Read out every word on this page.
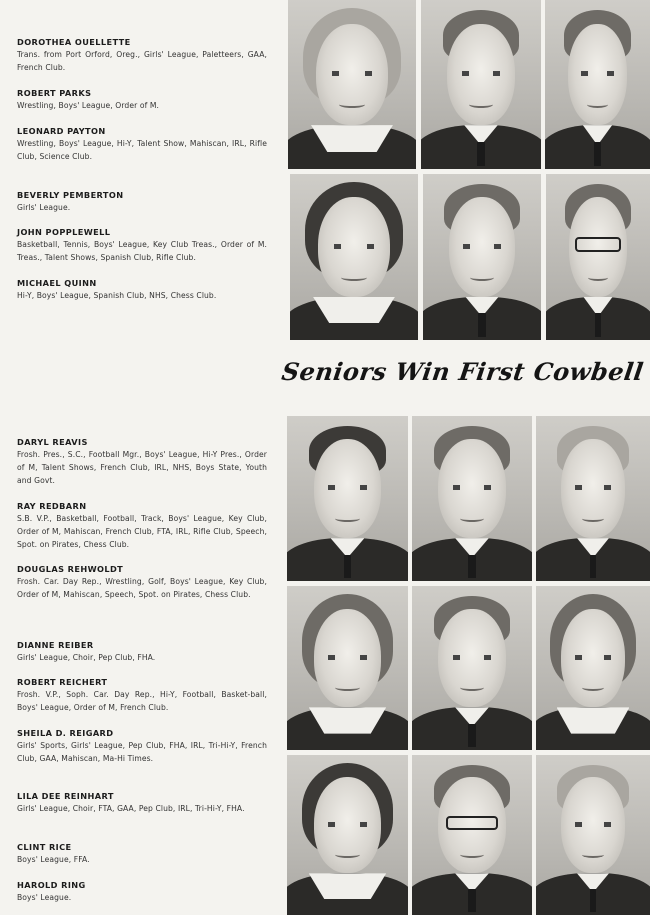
DOROTHEA OUELLETTE
Trans. from Port Orford, Oreg., Girls' League, Paletteers, GAA, French Club.
ROBERT PARKS
Wrestling, Boys' League, Order of M.
LEONARD PAYTON
Wrestling, Boys' League, Hi-Y, Talent Show, Mahiscan, IRL, Rifle Club, Science Club.
BEVERLY PEMBERTON
Girls' League.
JOHN POPPLEWELL
Basketball, Tennis, Boys' League, Key Club Treas., Order of M. Treas., Talent Shows, Spanish Club, Rifle Club.
MICHAEL QUINN
Hi-Y, Boys' League, Spanish Club, NHS, Chess Club.
DARYL REAVIS
Frosh. Pres., S.C., Football Mgr., Boys' League, Hi-Y Pres., Order of M, Talent Shows, French Club, IRL, NHS, Boys State, Youth and Govt.
RAY REDBARN
S.B. V.P., Basketball, Football, Track, Boys' League, Key Club, Order of M, Mahiscan, French Club, FTA, IRL, Rifle Club, Speech, Spot. on Pirates, Chess Club.
DOUGLAS REHWOLDT
Frosh. Car. Day Rep., Wrestling, Golf, Boys' League, Key Club, Order of M, Mahiscan, Speech, Spot. on Pirates, Chess Club.
DIANNE REIBER
Girls' League, Choir, Pep Club, FHA.
ROBERT REICHERT
Frosh. V.P., Soph. Car. Day Rep., Hi-Y, Football, Basket-ball, Boys' League, Order of M, French Club.
SHEILA D. REIGARD
Girls' Sports, Girls' League, Pep Club, FHA, IRL, Tri-Hi-Y, French Club, GAA, Mahiscan, Ma-Hi Times.
LILA DEE REINHART
Girls' League, Choir, FTA, GAA, Pep Club, IRL, Tri-Hi-Y, FHA.
CLINT RICE
Boys' League, FFA.
HAROLD RING
Boys' League.
Seniors Win First Cowbell
